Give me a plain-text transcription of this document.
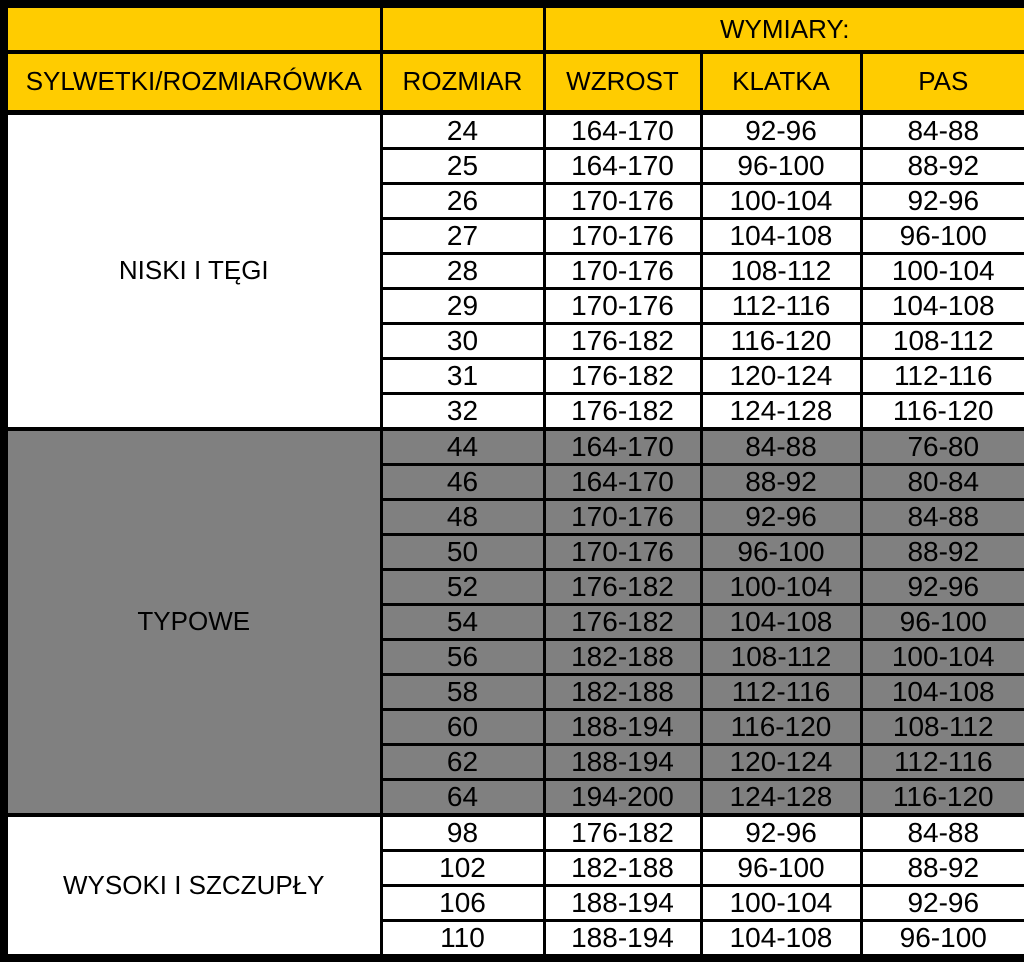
		WYMIARY:		
SYLWETKI/ROZMIARÓWKA	ROZMIAR	WZROST	KLATKA	PAS
NISKI I TĘGI	24	164-170	92-96	84-88
	25	164-170	96-100	88-92
	26	170-176	100-104	92-96
	27	170-176	104-108	96-100
	28	170-176	108-112	100-104
	29	170-176	112-116	104-108
	30	176-182	116-120	108-112
	31	176-182	120-124	112-116
	32	176-182	124-128	116-120
TYPOWE	44	164-170	84-88	76-80
	46	164-170	88-92	80-84
	48	170-176	92-96	84-88
	50	170-176	96-100	88-92
	52	176-182	100-104	92-96
	54	176-182	104-108	96-100
	56	182-188	108-112	100-104
	58	182-188	112-116	104-108
	60	188-194	116-120	108-112
	62	188-194	120-124	112-116
	64	194-200	124-128	116-120
WYSOKI I SZCZUPŁY	98	176-182	92-96	84-88
	102	182-188	96-100	88-92
	106	188-194	100-104	92-96
	110	188-194	104-108	96-100
